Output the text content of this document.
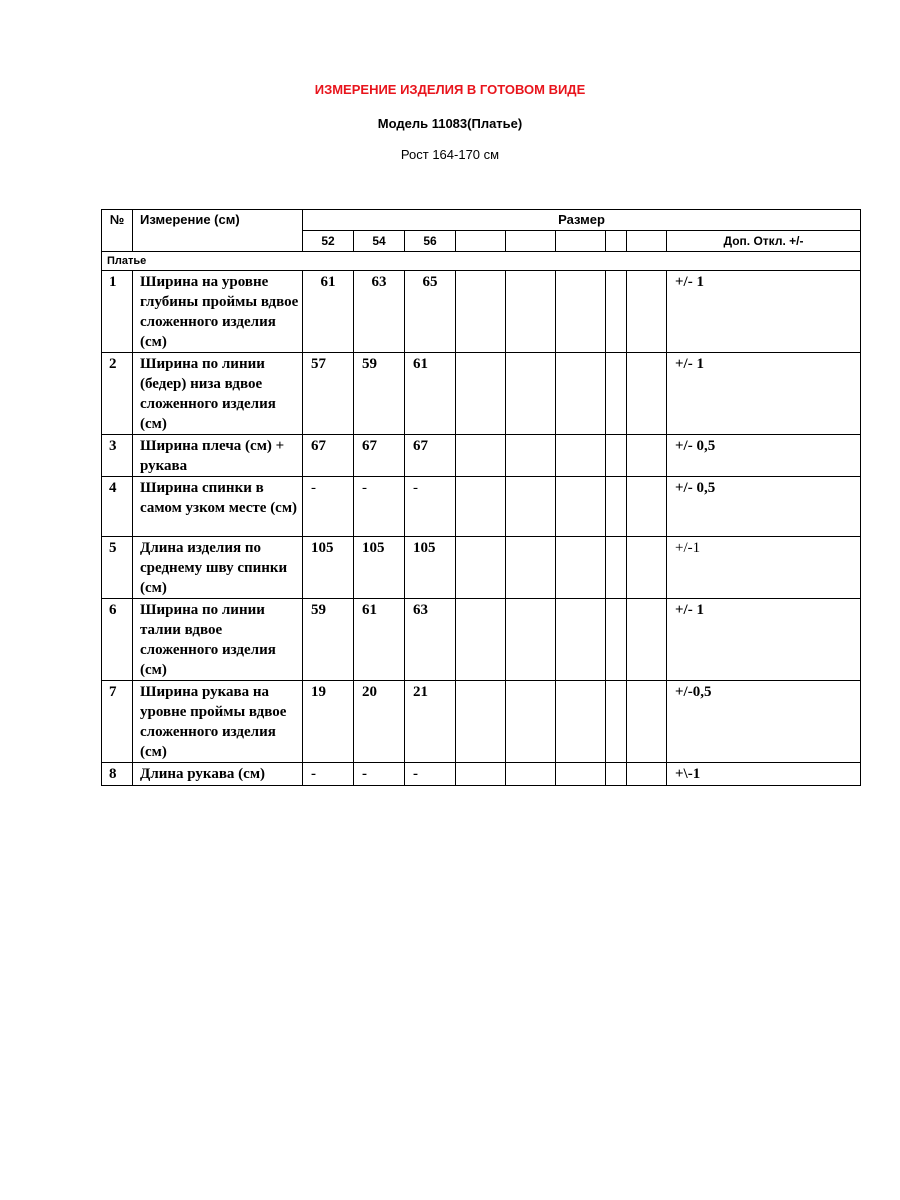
ИЗМЕРЕНИЕ ИЗДЕЛИЯ В ГОТОВОМ ВИДЕ
Модель 11083(Платье)
Рост 164-170 см
№	Измерение (см)	Размер								
		52	54	56						Доп. Откл. +/-
Платье										
1	Ширина на уровне глубины проймы вдвое сложенного изделия (см)	61	63	65						+/- 1
2	Ширина по линии (бедер) низа вдвое сложенного изделия (см)	57	59	61						+/- 1
3	Ширина плеча (см) + рукава	67	67	67						+/- 0,5
4	Ширина спинки в самом узком месте (см)	-	-	-						+/- 0,5
5	Длина изделия по среднему шву спинки (см)	105	105	105						+/-1
6	Ширина по линии талии вдвое сложенного изделия (см)	59	61	63						+/- 1
7	Ширина рукава на уровне проймы вдвое сложенного изделия (см)	19	20	21						+/-0,5
8	Длина рукава (см)	-	-	-						+\-1
